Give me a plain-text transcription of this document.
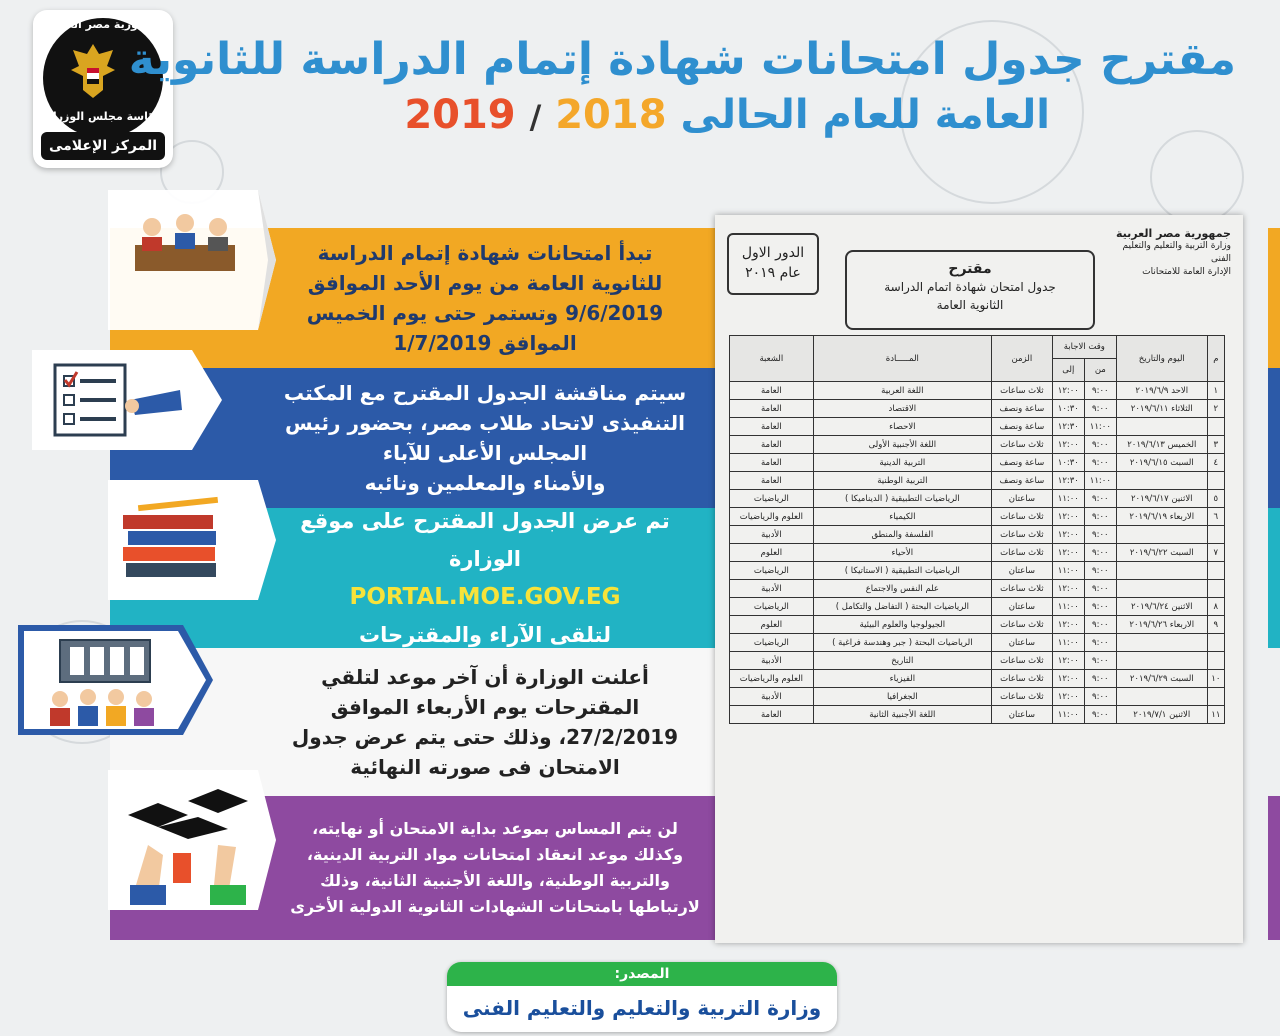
جمهورية مصر العربية
رئاسة مجلس الوزراء
المركز الإعلامى
مقترح جدول امتحانات شهادة إتمام الدراسة للثانوية
العامة للعام الحالى 2018 / 2019
تبدأ امتحانات شهادة إتمام الدراسة
للثانوية العامة من يوم الأحد الموافق
9/6/2019 وتستمر حتى يوم الخميس
الموافق 1/7/2019
سيتم مناقشة الجدول المقترح مع المكتب
التنفيذى لاتحاد طلاب مصر، بحضور رئيس
المجلس الأعلى للآباء
والأمناء والمعلمين ونائبه
تم عرض الجدول المقترح على موقع الوزارة
PORTAL.MOE.GOV.EG
لتلقى الآراء والمقترحات
أعلنت الوزارة أن آخر موعد لتلقي
المقترحات يوم الأربعاء الموافق
27/2/2019، وذلك حتى يتم عرض جدول
الامتحان فى صورته النهائية
لن يتم المساس بموعد بداية الامتحان أو نهايته،
وكذلك موعد انعقاد امتحانات مواد التربية الدينية،
والتربية الوطنية، واللغة الأجنبية الثانية، وذلك
لارتباطها بامتحانات الشهادات الثانوية الدولية الأخرى
الدور الاول
عام ٢٠١٩	مقترح
جدول امتحان شهادة اتمام الدراسة
الثانوية العامة
جمهورية مصر العربية
وزارة التربية والتعليم والتعليم الفنى
الإدارة العامة للامتحانات
م	اليوم والتاريخ	وقت الاجابة		الزمن	المـــــادة	الشعبة
		من	إلى			
١	الاحد ٢٠١٩/٦/٩	٩:٠٠	١٢:٠٠	ثلاث ساعات	اللغة العربية	العامة
٢	الثلاثاء ٢٠١٩/٦/١١	٩:٠٠	١٠:٣٠	ساعة ونصف	الاقتصاد	العامة
		١١:٠٠	١٢:٣٠	ساعة ونصف	الاحصاء	العامة
٣	الخميس ٢٠١٩/٦/١٣	٩:٠٠	١٢:٠٠	ثلاث ساعات	اللغة الأجنبية الأولى	العامة
٤	السبت ٢٠١٩/٦/١٥	٩:٠٠	١٠:٣٠	ساعة ونصف	التربية الدينية	العامة
		١١:٠٠	١٢:٣٠	ساعة ونصف	التربية الوطنية	العامة
٥	الاثنين ٢٠١٩/٦/١٧	٩:٠٠	١١:٠٠	ساعتان	الرياضيات التطبيقية ( الديناميكا )	الرياضيات
٦	الاربعاء ٢٠١٩/٦/١٩	٩:٠٠	١٢:٠٠	ثلاث ساعات	الكيمياء	العلوم والرياضيات
		٩:٠٠	١٢:٠٠	ثلاث ساعات	الفلسفة والمنطق	الأدبية
٧	السبت ٢٠١٩/٦/٢٢	٩:٠٠	١٢:٠٠	ثلاث ساعات	الأحياء	العلوم
		٩:٠٠	١١:٠٠	ساعتان	الرياضيات التطبيقية ( الاستاتيكا )	الرياضيات
		٩:٠٠	١٢:٠٠	ثلاث ساعات	علم النفس والاجتماع	الأدبية
٨	الاثنين ٢٠١٩/٦/٢٤	٩:٠٠	١١:٠٠	ساعتان	الرياضيات البحتة ( التفاضل والتكامل )	الرياضيات
٩	الاربعاء ٢٠١٩/٦/٢٦	٩:٠٠	١٢:٠٠	ثلاث ساعات	الجيولوجيا والعلوم البيئية	العلوم
		٩:٠٠	١١:٠٠	ساعتان	الرياضيات البحتة ( جبر وهندسة فراغية )	الرياضيات
		٩:٠٠	١٢:٠٠	ثلاث ساعات	التاريخ	الأدبية
١٠	السبت ٢٠١٩/٦/٢٩	٩:٠٠	١٢:٠٠	ثلاث ساعات	الفيزياء	العلوم والرياضيات
		٩:٠٠	١٢:٠٠	ثلاث ساعات	الجغرافيا	الأدبية
١١	الاثنين ٢٠١٩/٧/١	٩:٠٠	١١:٠٠	ساعتان	اللغة الأجنبية الثانية	العامة
المصدر:
وزارة التربية والتعليم والتعليم الفنى
